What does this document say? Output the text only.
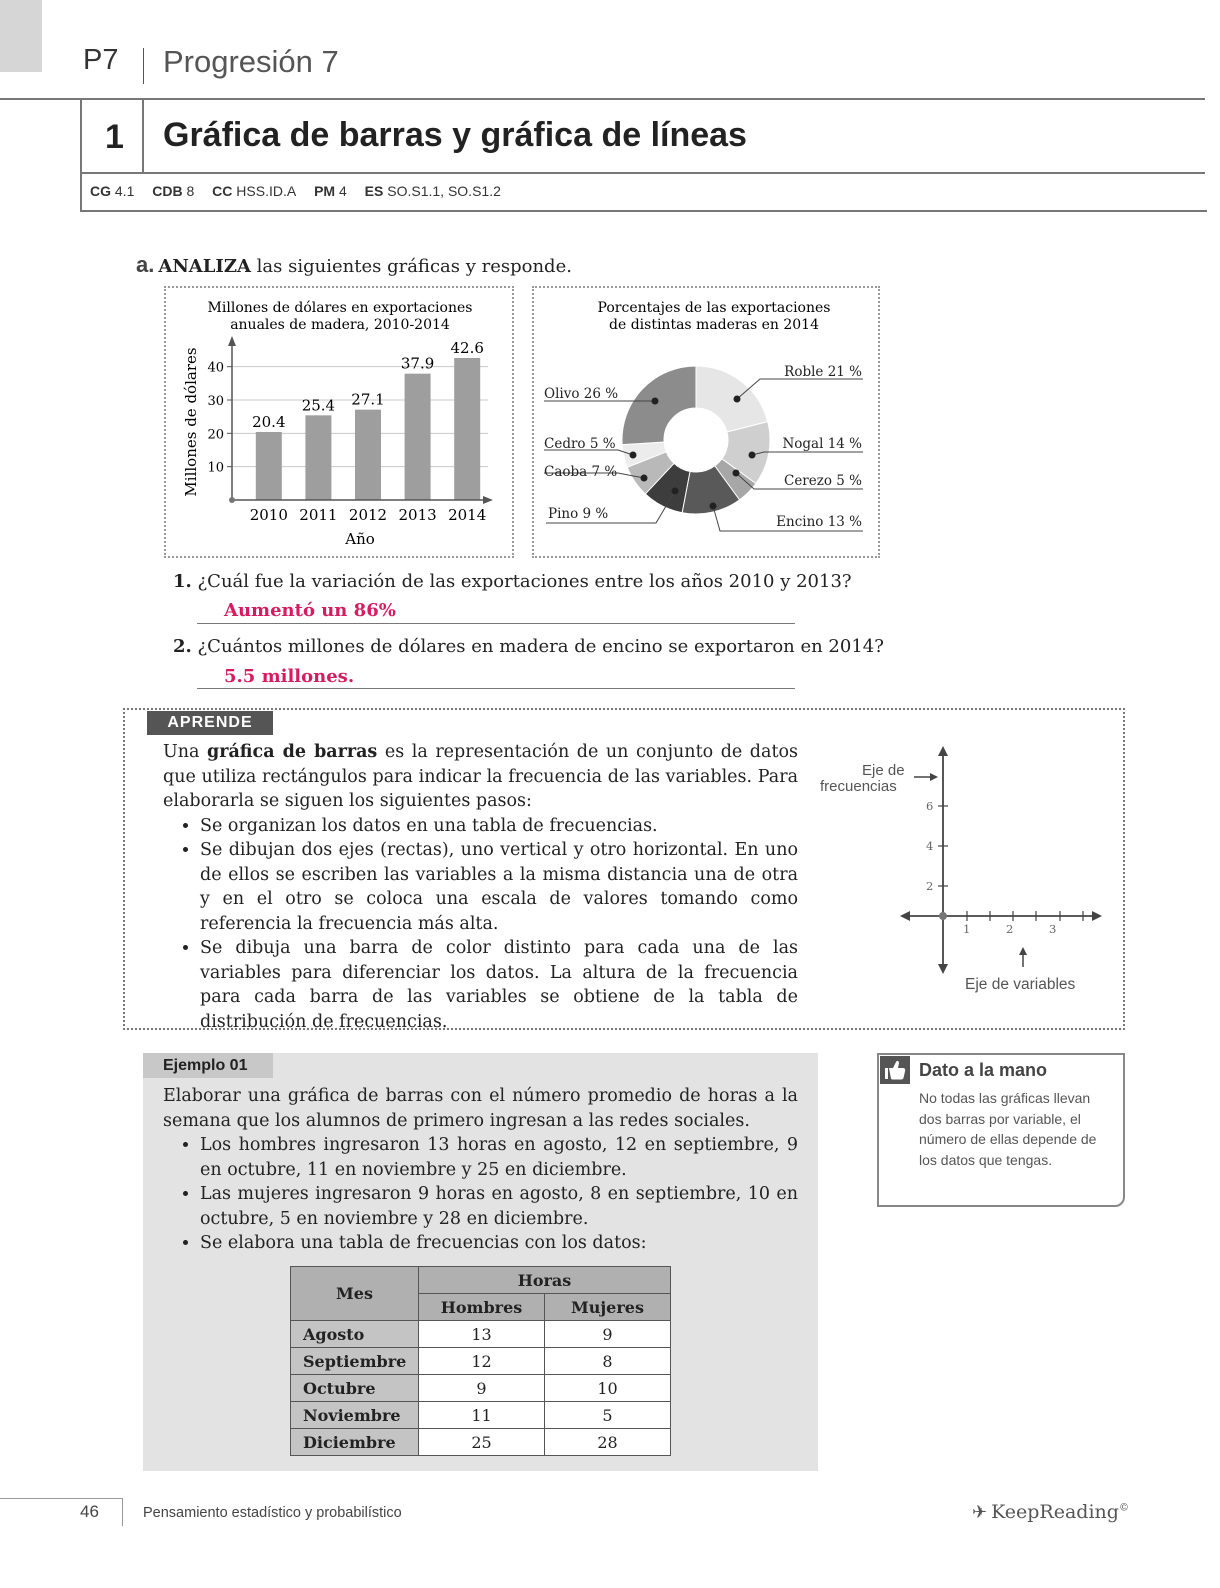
P7 Progresión 7
1 Gráfica de barras y gráfica de líneas
CG 4.1 CDB 8 CC HSS.ID.A PM 4 ES SO.S1.1, SO.S1.2
a. ANALIZA las siguientes gráficas y responde.
Millones de dólares en exportaciones
anuales de madera, 2010-2014
Millones de dólares
Año
10
20
30
40
20.4
2010
25.4
2011
27.1
2012
37.9
2013
42.6
2014
Porcentajes de las exportaciones
de distintas maderas en 2014
Roble 21 %
Nogal 14 %
Cerezo 5 %
Encino 13 %
Pino 9 %
Caoba 7 %
Cedro 5 %
Olivo 26 %
1. ¿Cuál fue la variación de las exportaciones entre los años 2010 y 2013?
Aumentó un 86%
2. ¿Cuántos millones de dólares en madera de encino se exportaron en 2014?
5.5 millones.
APRENDE

Una gráfica de barras es la representación de un conjunto de datos que utiliza rectángulos para indicar la frecuencia de las variables. Para elaborarla se siguen los siguientes pasos:

• Se organizan los datos en una tabla de frecuencias.
• Se dibujan dos ejes (rectas), uno vertical y otro horizontal. En uno de ellos se escriben las variables a la misma distancia una de otra y en el otro se coloca una escala de valores tomando como referencia la frecuencia más alta.
• Se dibuja una barra de color distinto para cada una de las variables para diferenciar los datos. La altura de la frecuencia para cada barra de las variables se obtiene de la tabla de distribución de frecuencias.
Eje de
frecuencias
Eje de variables
6
4
2
1	2	3
Ejemplo 01

Elaborar una gráfica de barras con el número promedio de horas a la semana que los alumnos de primero ingresan a las redes sociales.

• Los hombres ingresaron 13 horas en agosto, 12 en septiembre, 9 en octubre, 11 en noviembre y 25 en diciembre.
• Las mujeres ingresaron 9 horas en agosto, 8 en septiembre, 10 en octubre, 5 en noviembre y 28 en diciembre.
• Se elabora una tabla de frecuencias con los datos:
Mes	Horas	
	Hombres	Mujeres
Agosto	13	9
Septiembre	12	8
Octubre	9	10
Noviembre	11	5
Diciembre	25	28
Dato a la mano
No todas las gráficas llevan dos barras por variable, el número de ellas depende de los datos que tengas.
46	Pensamiento estadístico y probabilístico	✈ KeepReading©
